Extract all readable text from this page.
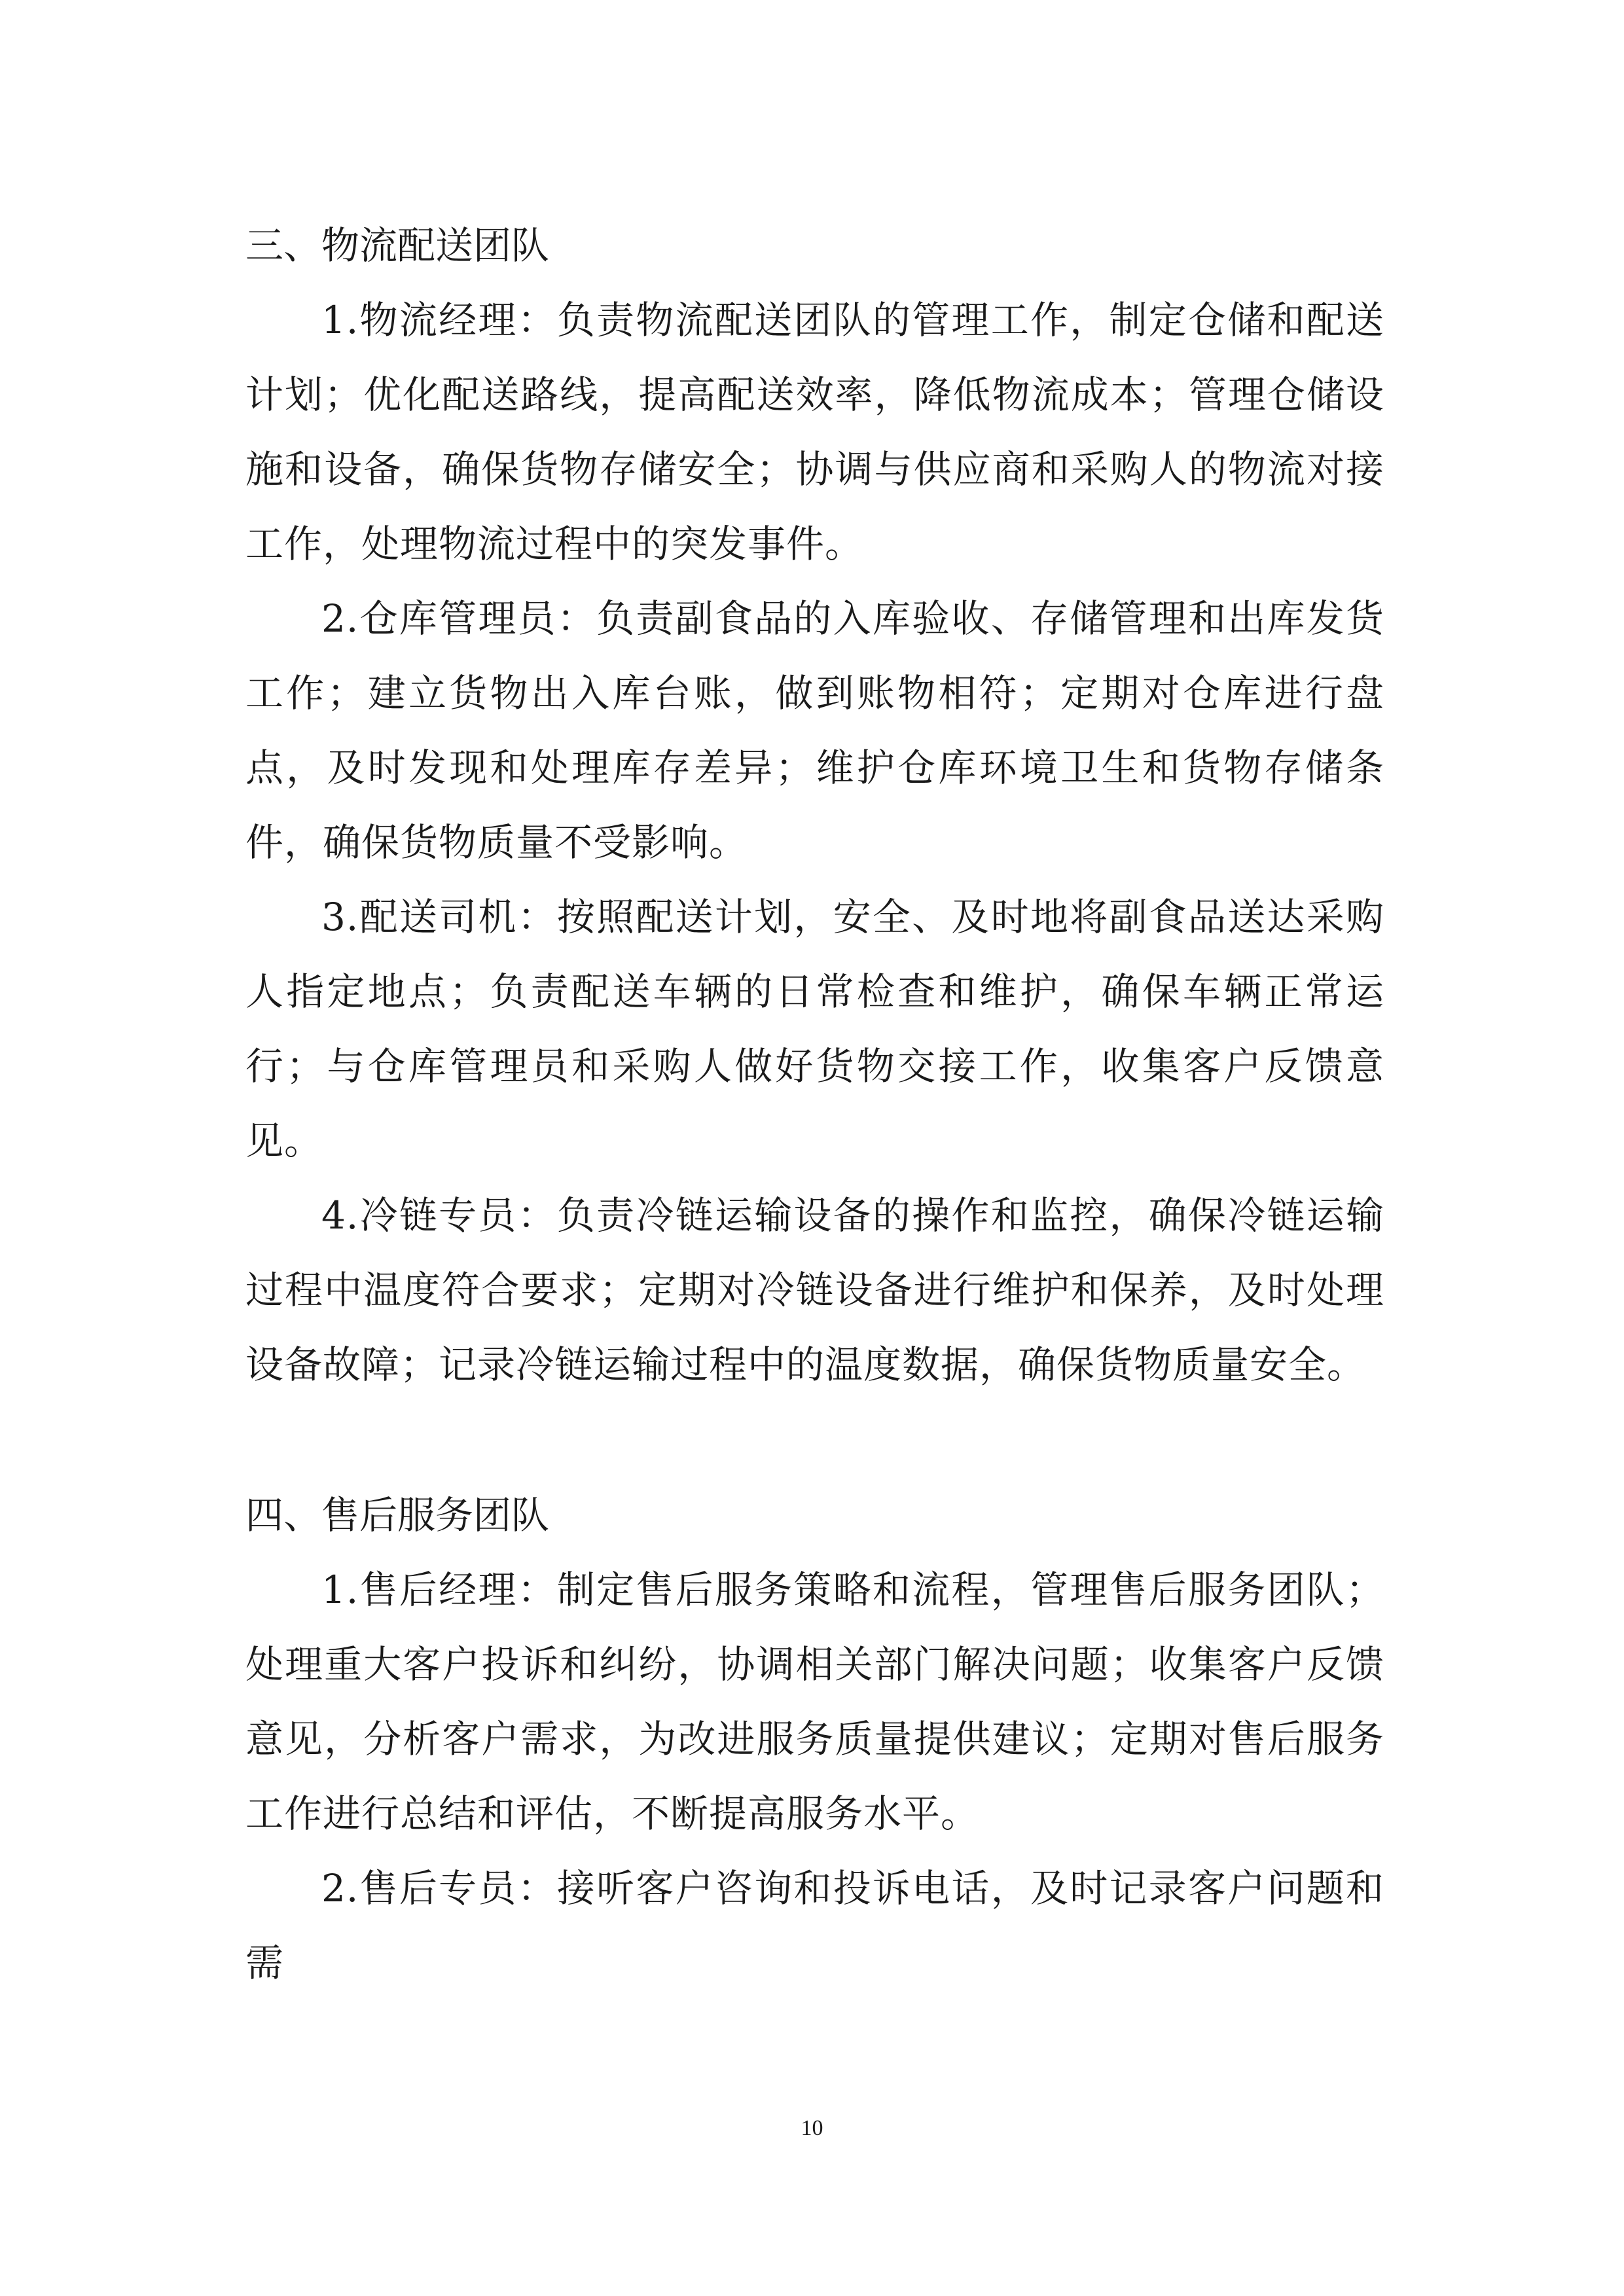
三、物流配送团队

1.物流经理：负责物流配送团队的管理工作，制定仓储和配送计划；优化配送路线，提高配送效率，降低物流成本；管理仓储设施和设备，确保货物存储安全；协调与供应商和采购人的物流对接工作，处理物流过程中的突发事件。

2.仓库管理员：负责副食品的入库验收、存储管理和出库发货工作；建立货物出入库台账，做到账物相符；定期对仓库进行盘点，及时发现和处理库存差异；维护仓库环境卫生和货物存储条件，确保货物质量不受影响。

3.配送司机：按照配送计划，安全、及时地将副食品送达采购人指定地点；负责配送车辆的日常检查和维护，确保车辆正常运行；与仓库管理员和采购人做好货物交接工作，收集客户反馈意见。

4.冷链专员：负责冷链运输设备的操作和监控，确保冷链运输过程中温度符合要求；定期对冷链设备进行维护和保养，及时处理设备故障；记录冷链运输过程中的温度数据，确保货物质量安全。

四、售后服务团队

1.售后经理：制定售后服务策略和流程，管理售后服务团队；处理重大客户投诉和纠纷，协调相关部门解决问题；收集客户反馈意见，分析客户需求，为改进服务质量提供建议；定期对售后服务工作进行总结和评估，不断提高服务水平。

2.售后专员：接听客户咨询和投诉电话，及时记录客户问题和需

10
